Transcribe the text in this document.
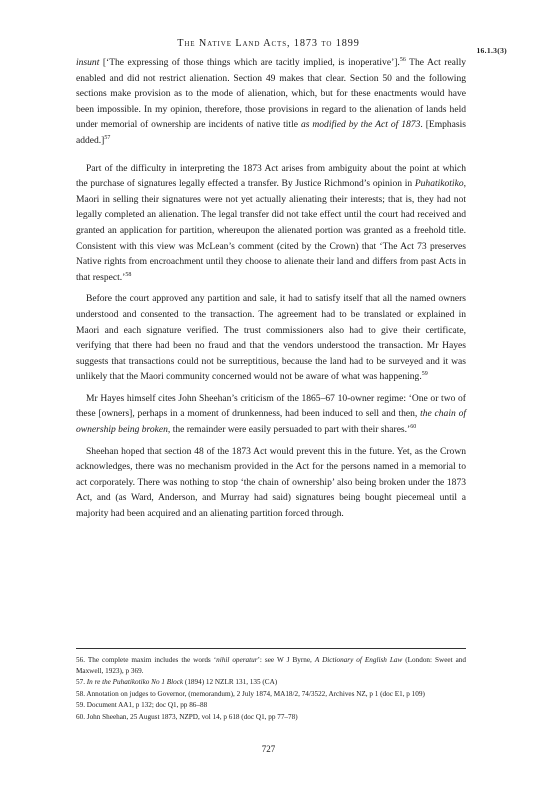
The Native Land Acts, 1873 to 1899
16.1.3(3)

insunt [‘The expressing of those things which are tacitly implied, is inoperative’].$^{56}$ The Act really enabled and did not restrict alienation. Section 49 makes that clear. Section 50 and the following sections make provision as to the mode of alienation, which, but for these enactments would have been impossible. In my opinion, therefore, those provisions in regard to the alienation of lands held under memorial of ownership are incidents of native title as modified by the Act of 1873. [Emphasis added.]$^{57}$

Part of the difficulty in interpreting the 1873 Act arises from ambiguity about the point at which the purchase of signatures legally effected a transfer. By Justice Richmond’s opinion in Puhatikotiko, Maori in selling their signatures were not yet actually alienating their interests; that is, they had not legally completed an alienation. The legal transfer did not take effect until the court had received and granted an application for partition, whereupon the alienated portion was granted as a freehold title. Consistent with this view was McLean’s comment (cited by the Crown) that ‘The Act 73 preserves Native rights from encroachment until they choose to alienate their land and differs from past Acts in that respect.’$^{58}$

Before the court approved any partition and sale, it had to satisfy itself that all the named owners understood and consented to the transaction. The agreement had to be translated or explained in Maori and each signature verified. The trust commissioners also had to give their certificate, verifying that there had been no fraud and that the vendors understood the transaction. Mr Hayes suggests that transactions could not be surreptitious, because the land had to be surveyed and it was unlikely that the Maori community concerned would not be aware of what was happening.$^{59}$

Mr Hayes himself cites John Sheehan’s criticism of the 1865–67 10-owner regime: ‘One or two of these [owners], perhaps in a moment of drunkenness, had been induced to sell and then, the chain of ownership being broken, the remainder were easily persuaded to part with their shares.’$^{60}$

Sheehan hoped that section 48 of the 1873 Act would prevent this in the future. Yet, as the Crown acknowledges, there was no mechanism provided in the Act for the persons named in a memorial to act corporately. There was nothing to stop ‘the chain of ownership’ also being broken under the 1873 Act, and (as Ward, Anderson, and Murray had said) signatures being bought piecemeal until a majority had been acquired and an alienating partition forced through.

56. The complete maxim includes the words ‘nihil operatur’: see W J Byrne, A Dictionary of English Law (London: Sweet and Maxwell, 1923), p 369.

57. In re the Puhatikotiko No 1 Block (1894) 12 NZLR 131, 135 (CA)

58. Annotation on judges to Governor, (memorandum), 2 July 1874, MA18/2, 74/3522, Archives NZ, p 1 (doc E1, p 109)

59. Document AA1, p 132; doc Q1, pp 86–88

60. John Sheehan, 25 August 1873, NZPD, vol 14, p 618 (doc Q1, pp 77–78)

727
